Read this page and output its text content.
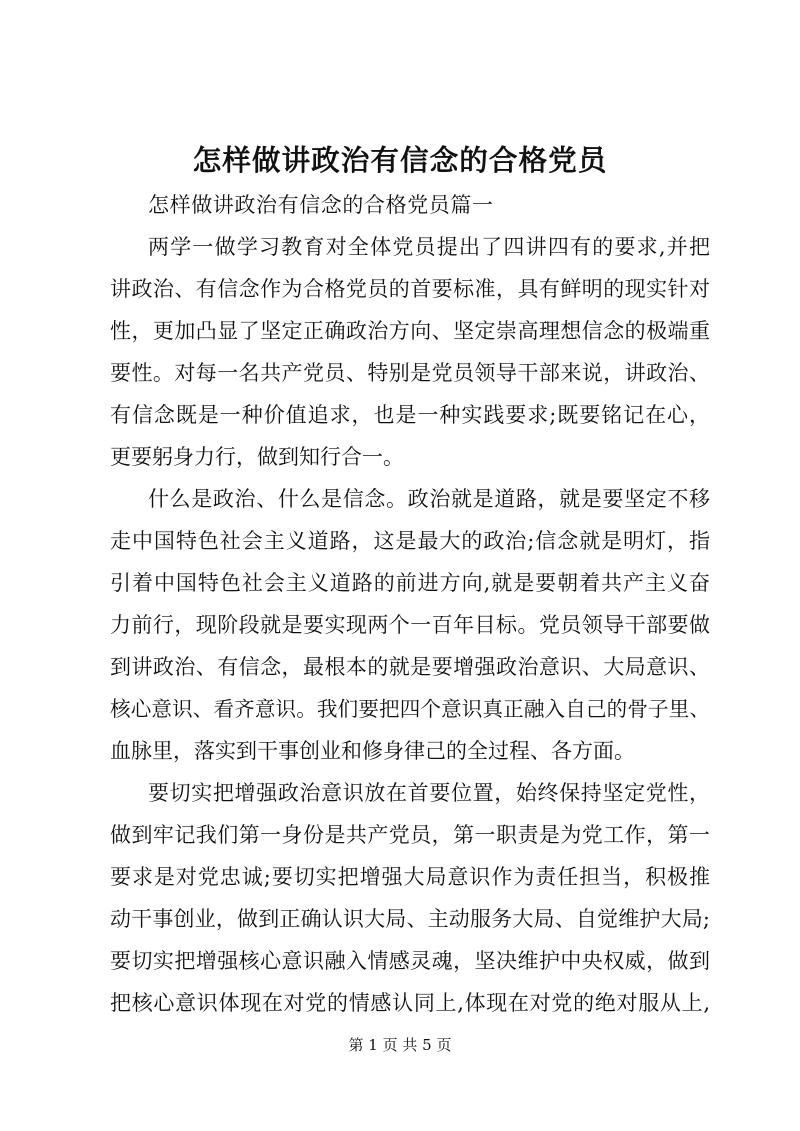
怎样做讲政治有信念的合格党员
怎样做讲政治有信念的合格党员篇一
两学一做学习教育对全体党员提出了四讲四有的要求,并把
讲政治、有信念作为合格党员的首要标准，具有鲜明的现实针对
性，更加凸显了坚定正确政治方向、坚定崇高理想信念的极端重
要性。对每一名共产党员、特别是党员领导干部来说，讲政治、
有信念既是一种价值追求，也是一种实践要求;既要铭记在心，
更要躬身力行，做到知行合一。
什么是政治、什么是信念。政治就是道路，就是要坚定不移
走中国特色社会主义道路，这是最大的政治;信念就是明灯，指
引着中国特色社会主义道路的前进方向,就是要朝着共产主义奋
力前行，现阶段就是要实现两个一百年目标。党员领导干部要做
到讲政治、有信念，最根本的就是要增强政治意识、大局意识、
核心意识、看齐意识。我们要把四个意识真正融入自己的骨子里、
血脉里，落实到干事创业和修身律己的全过程、各方面。
要切实把增强政治意识放在首要位置，始终保持坚定党性，
做到牢记我们第一身份是共产党员，第一职责是为党工作，第一
要求是对党忠诚;要切实把增强大局意识作为责任担当，积极推
动干事创业，做到正确认识大局、主动服务大局、自觉维护大局;
要切实把增强核心意识融入情感灵魂，坚决维护中央权威，做到
把核心意识体现在对党的情感认同上,体现在对党的绝对服从上,
第 1 页 共 5 页
